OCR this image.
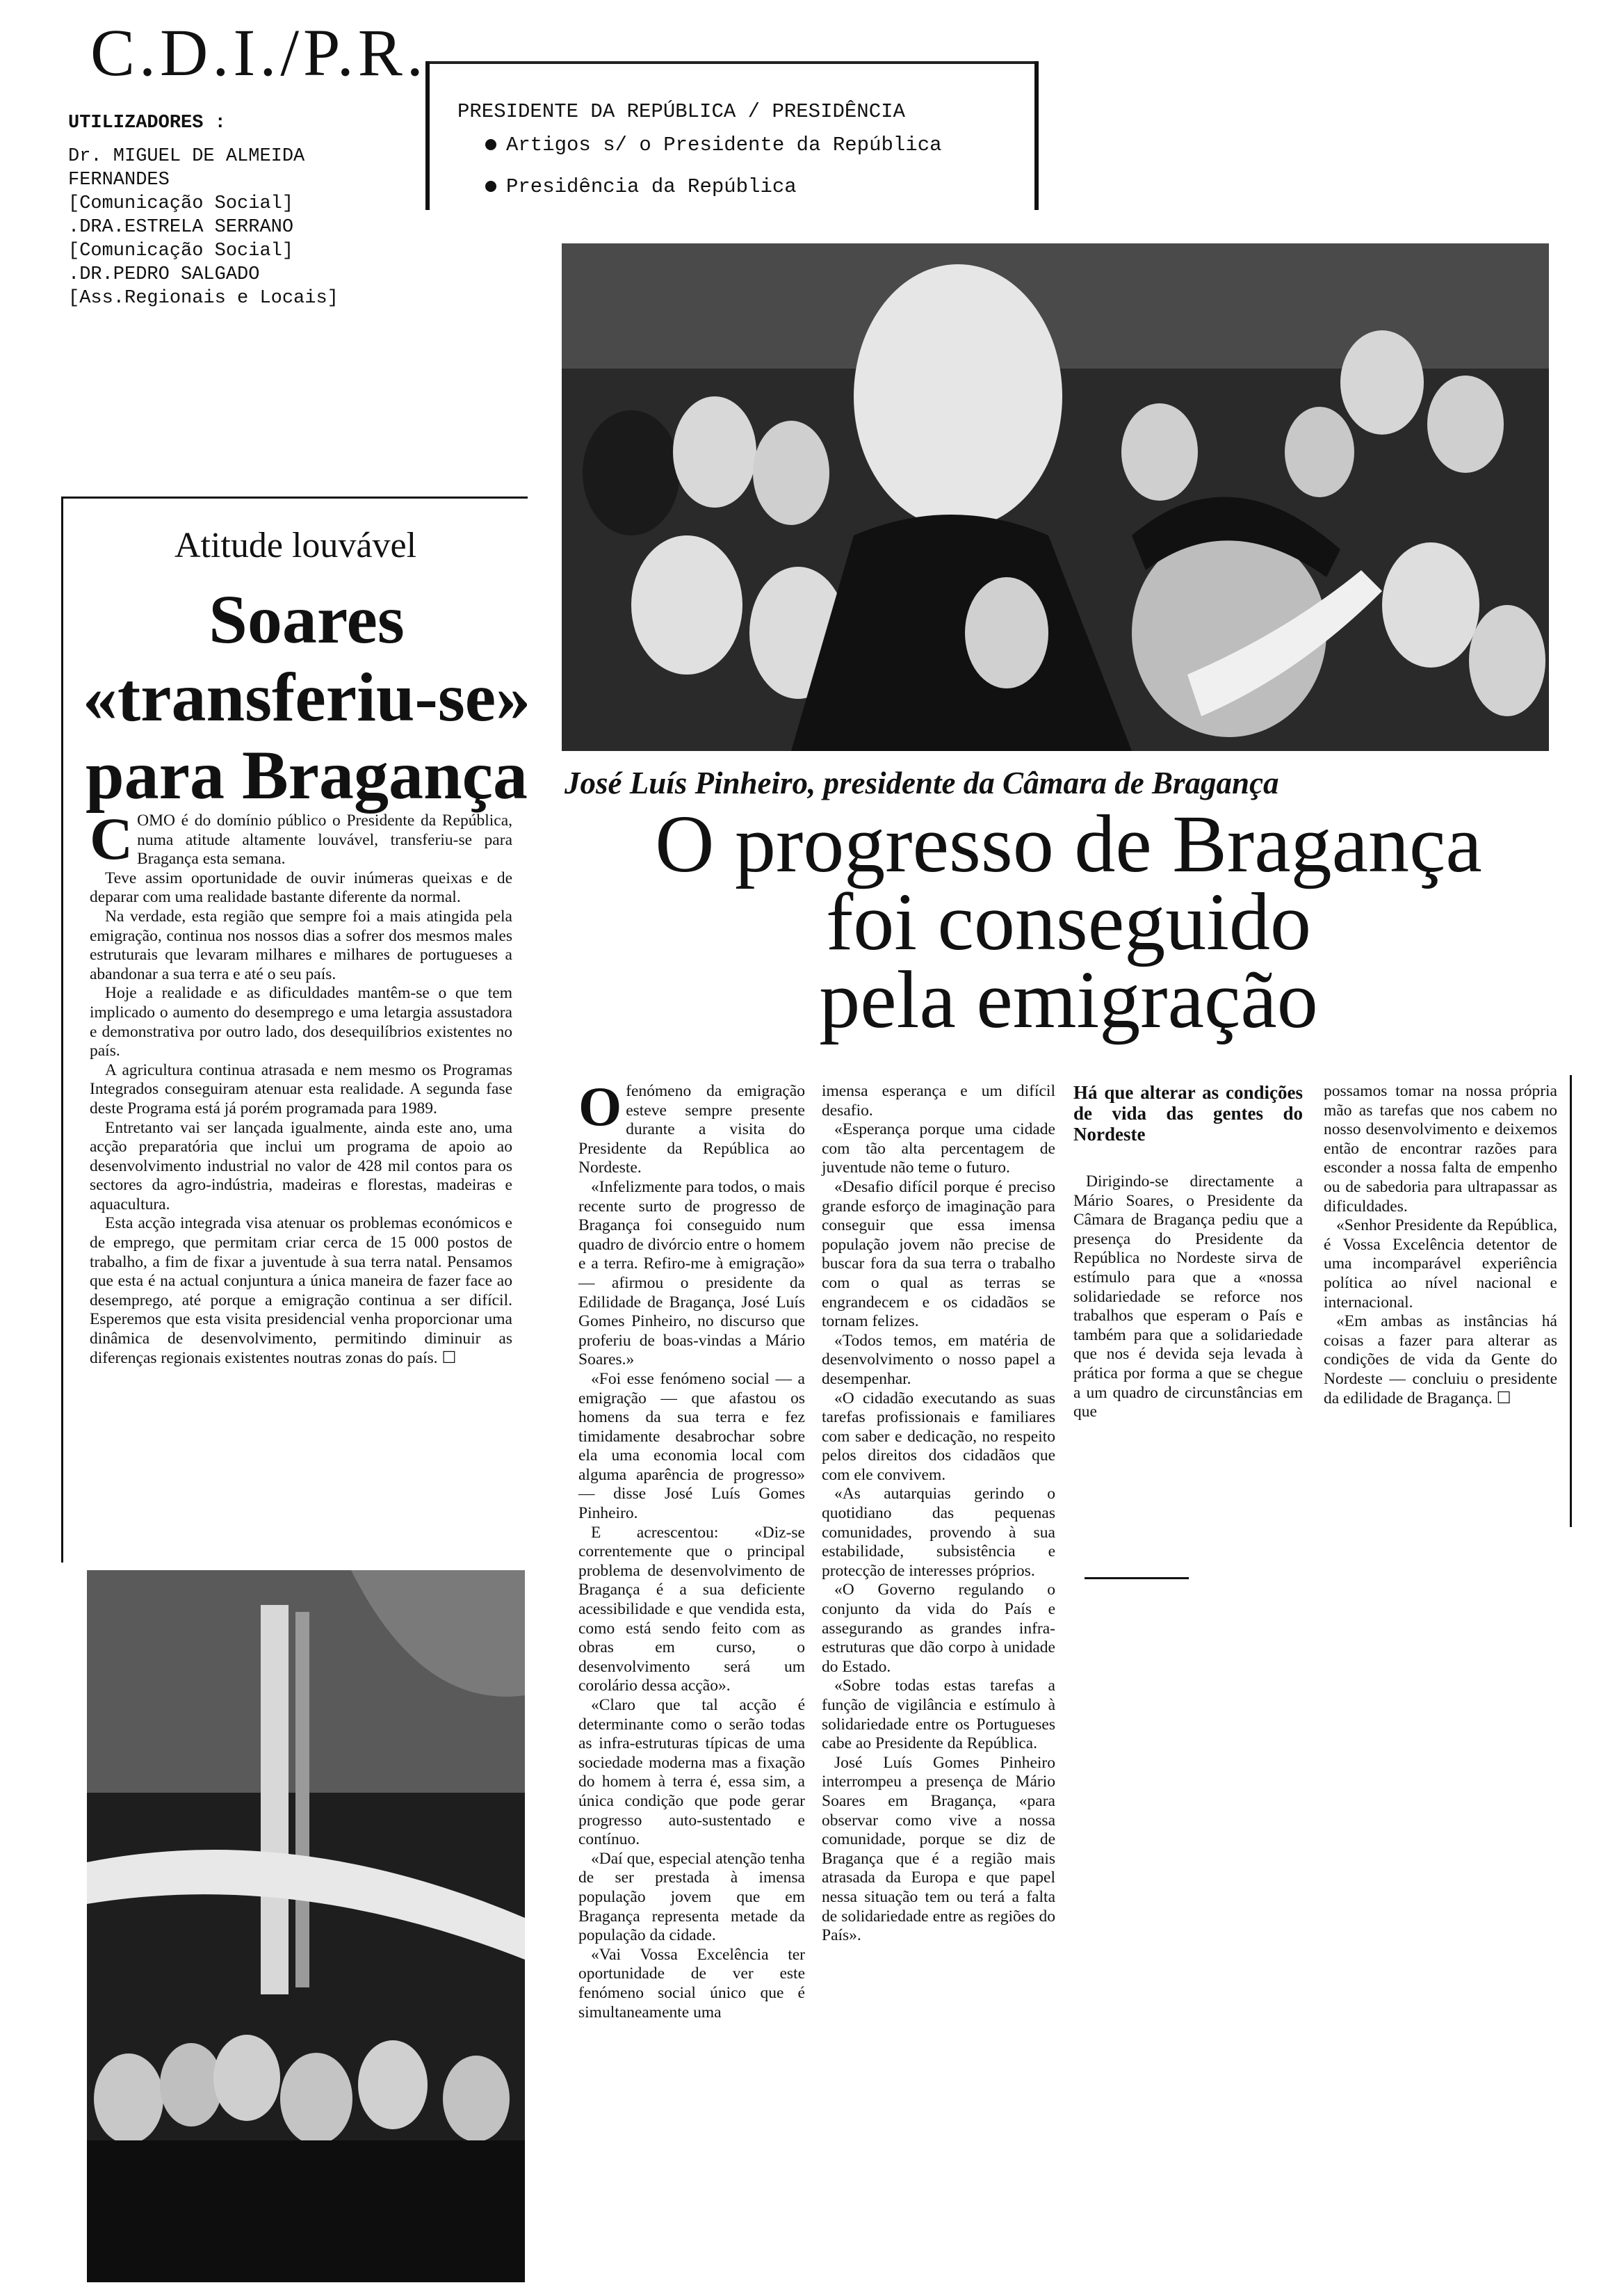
C.D.I./P.R.
UTILIZADORES :
Dr. MIGUEL DE ALMEIDA
FERNANDES
[Comunicação Social]
.DRA.ESTRELA SERRANO
[Comunicação Social]
.DR.PEDRO SALGADO
[Ass.Regionais e Locais]
PRESIDENTE DA REPÚBLICA / PRESIDÊNCIA
Artigos s/ o Presidente da República
Presidência da República
Atitude louvável
Soares
«transferiu-se»
para Bragança

COMO é do domínio público o Presidente da República, numa atitude altamente louvável, transferiu-se para Bragança esta semana.

Teve assim oportunidade de ouvir inúmeras queixas e de deparar com uma realidade bastante diferente da normal.

Na verdade, esta região que sempre foi a mais atingida pela emigração, continua nos nossos dias a sofrer dos mesmos males estruturais que levaram milhares e milhares de portugueses a abandonar a sua terra e até o seu país.

Hoje a realidade e as dificuldades mantêm-se o que tem implicado o aumento do desemprego e uma letargia assustadora e demonstrativa por outro lado, dos desequilíbrios existentes no país.

A agricultura continua atrasada e nem mesmo os Programas Integrados conseguiram atenuar esta realidade. A segunda fase deste Programa está já porém programada para 1989.

Entretanto vai ser lançada igualmente, ainda este ano, uma acção preparatória que inclui um programa de apoio ao desenvolvimento industrial no valor de 428 mil contos para os sectores da agro-indústria, madeiras e florestas, madeiras e aquacultura.

Esta acção integrada visa atenuar os problemas económicos e de emprego, que permitam criar cerca de 15 000 postos de trabalho, a fim de fixar a juventude à sua terra natal. Pensamos que esta é na actual conjuntura a única maneira de fazer face ao desemprego, até porque a emigração continua a ser difícil. Esperemos que esta visita presidencial venha proporcionar uma dinâmica de desenvolvimento, permitindo diminuir as diferenças regionais existentes noutras zonas do país. ☐

José Luís Pinheiro, presidente da Câmara de Bragança
O progresso de Bragança
foi conseguido
pela emigração

Ofenómeno da emigração esteve sempre presente durante a visita do Presidente da República ao Nordeste.

«Infelizmente para todos, o mais recente surto de progresso de Bragança foi conseguido num quadro de divórcio entre o homem e a terra. Refiro-me à emigração» — afirmou o presidente da Edilidade de Bragança, José Luís Gomes Pinheiro, no discurso que proferiu de boas-vindas a Mário Soares.»

«Foi esse fenómeno social — a emigração — que afastou os homens da sua terra e fez timidamente desabrochar sobre ela uma economia local com alguma aparência de progresso» — disse José Luís Gomes Pinheiro.

E acrescentou: «Diz-se correntemente que o principal problema de desenvolvimento de Bragança é a sua deficiente acessibilidade e que vendida esta, como está sendo feito com as obras em curso, o desenvolvimento será um corolário dessa acção».

«Claro que tal acção é determinante como o serão todas as infra-estruturas típicas de uma sociedade moderna mas a fixação do homem à terra é, essa sim, a única condição que pode gerar progresso auto-sustentado e contínuo.

«Daí que, especial atenção tenha de ser prestada à imensa população jovem que em Bragança representa metade da população da cidade.

«Vai Vossa Excelência ter oportunidade de ver este fenómeno social único que é simultaneamente uma

imensa esperança e um difícil desafio.

«Esperança porque uma cidade com tão alta percentagem de juventude não teme o futuro.

«Desafio difícil porque é preciso grande esforço de imaginação para conseguir que essa imensa população jovem não precise de buscar fora da sua terra o trabalho com o qual as terras se engrandecem e os cidadãos se tornam felizes.

«Todos temos, em matéria de desenvolvimento o nosso papel a desempenhar.

«O cidadão executando as suas tarefas profissionais e familiares com saber e dedicação, no respeito pelos direitos dos cidadãos que com ele convivem.

«As autarquias gerindo o quotidiano das pequenas comunidades, provendo à sua estabilidade, subsistência e protecção de interesses próprios.

«O Governo regulando o conjunto da vida do País e assegurando as grandes infra-estruturas que dão corpo à unidade do Estado.

«Sobre todas estas tarefas a função de vigilância e estímulo à solidariedade entre os Portugueses cabe ao Presidente da República.

José Luís Gomes Pinheiro interrompeu a presença de Mário Soares em Bragança, «para observar como vive a nossa comunidade, porque se diz de Bragança que é a região mais atrasada da Europa e que papel nessa situação tem ou terá a falta de solidariedade entre as regiões do País».

Há que alterar as condições de vida das gentes do Nordeste

Dirigindo-se directamente a Mário Soares, o Presidente da Câmara de Bragança pediu que a presença do Presidente da República no Nordeste sirva de estímulo para que a «nossa solidariedade se reforce nos trabalhos que esperam o País e também para que a solidariedade que nos é devida seja levada à prática por forma a que se chegue a um quadro de circunstâncias em que

possamos tomar na nossa própria mão as tarefas que nos cabem no nosso desenvolvimento e deixemos então de encontrar razões para esconder a nossa falta de empenho ou de sabedoria para ultrapassar as dificuldades.

«Senhor Presidente da República, é Vossa Excelência detentor de uma incomparável experiência política ao nível nacional e internacional.

«Em ambas as instâncias há coisas a fazer para alterar as condições de vida da Gente do Nordeste — concluiu o presidente da edilidade de Bragança. ☐
